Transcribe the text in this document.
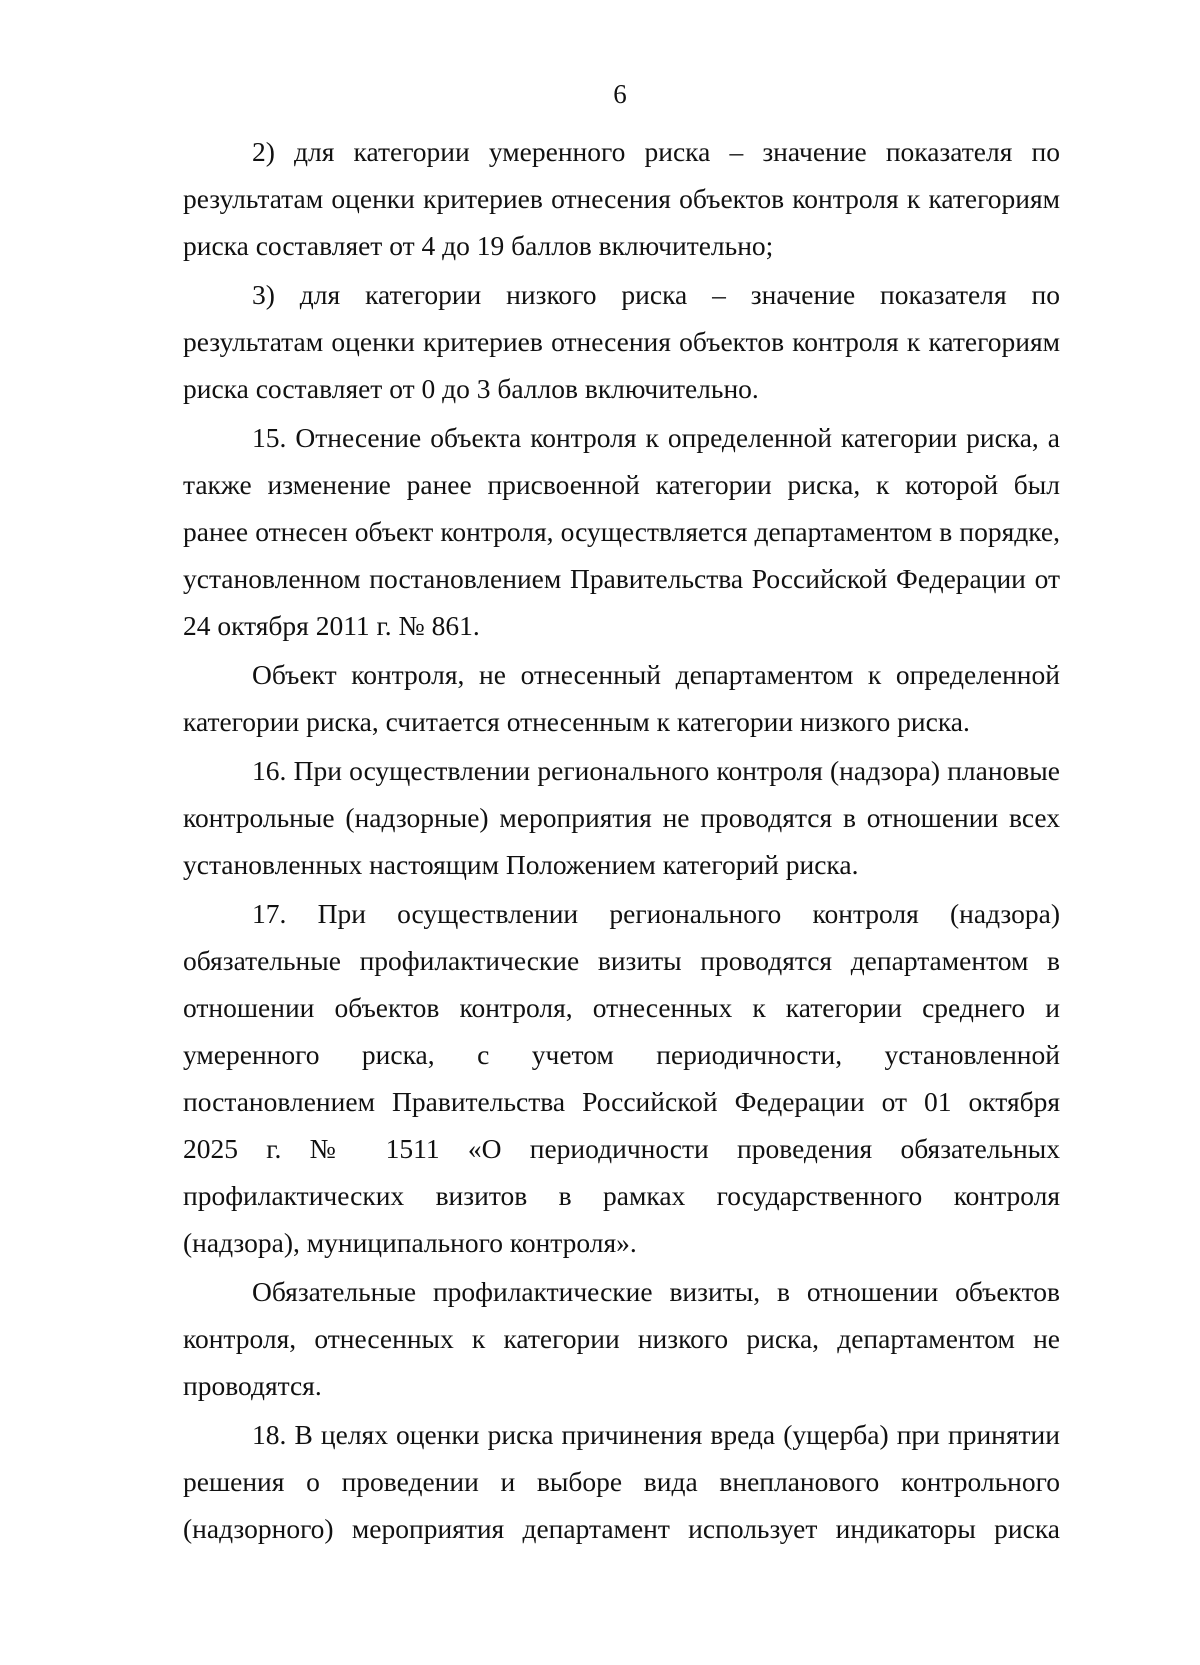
6

2) для категории умеренного риска – значение показателя по результатам оценки критериев отнесения объектов контроля к категориям риска составляет от 4 до 19 баллов включительно;

3) для категории низкого риска – значение показателя по результатам оценки критериев отнесения объектов контроля к категориям риска составляет от 0 до 3 баллов включительно.

15. Отнесение объекта контроля к определенной категории риска, а также изменение ранее присвоенной категории риска, к которой был ранее отнесен объект контроля, осуществляется департаментом в порядке, установленном постановлением Правительства Российской Федерации от 24 октября 2011 г. № 861.

Объект контроля, не отнесенный департаментом к определенной категории риска, считается отнесенным к категории низкого риска.

16. При осуществлении регионального контроля (надзора) плановые контрольные (надзорные) мероприятия не проводятся в отношении всех установленных настоящим Положением категорий риска.

17. При осуществлении регионального контроля (надзора) обязательные профилактические визиты проводятся департаментом в отношении объектов контроля, отнесенных к категории среднего и умеренного риска, с учетом периодичности, установленной постановлением Правительства Российской Федерации от 01 октября 2025 г. № 1511 «О периодичности проведения обязательных профилактических визитов в рамках государственного контроля (надзора), муниципального контроля».

Обязательные профилактические визиты, в отношении объектов контроля, отнесенных к категории низкого риска, департаментом не проводятся.

18. В целях оценки риска причинения вреда (ущерба) при принятии решения о проведении и выборе вида внепланового контрольного (надзорного) мероприятия департамент использует индикаторы риска
